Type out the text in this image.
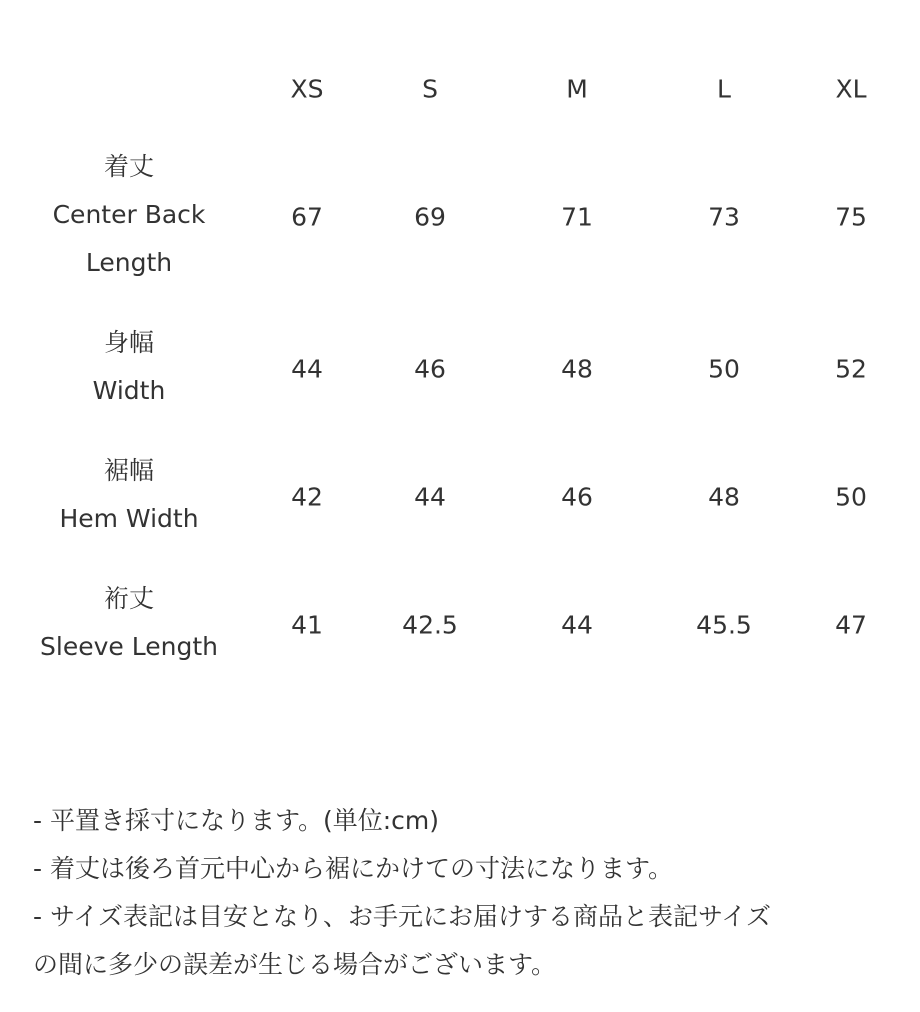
XS	S	M	L	XL
着丈
Center Back
Length
67	69	71	73	75
身幅
Width
44	46	48	50	52
裾幅
Hem Width
42	44	46	48	50
裄丈
Sleeve Length
41	42.5	44	45.5	47
- 平置き採寸になります。(単位:cm)
- 着丈は後ろ首元中心から裾にかけての寸法になります。
- サイズ表記は目安となり、お手元にお届けする商品と表記サイズ
の間に多少の誤差が生じる場合がございます。
